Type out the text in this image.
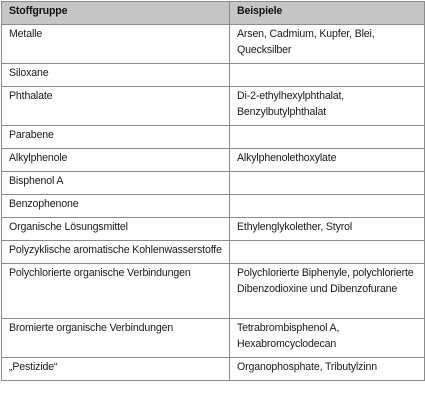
Stoffgruppe	Beispiele
Metalle	Arsen, Cadmium, Kupfer, Blei, Quecksilber
Siloxane	
Phthalate	Di-2-ethylhexylphthalat, Benzylbutylphthalat
Parabene	
Alkylphenole	Alkylphenolethoxylate
Bisphenol A	
Benzophenone	
Organische Lösungsmittel	Ethylenglykolether, Styrol
Polyzyklische aromatische Kohlenwasserstoffe	
Polychlorierte organische Verbindungen	Polychlorierte Biphenyle, polychlorierte Dibenzodioxine und Dibenzofurane
Bromierte organische Verbindungen	Tetrabrombisphenol A, Hexabromcyclodecan
„Pestizide“	Organophosphate, Tributylzinn
